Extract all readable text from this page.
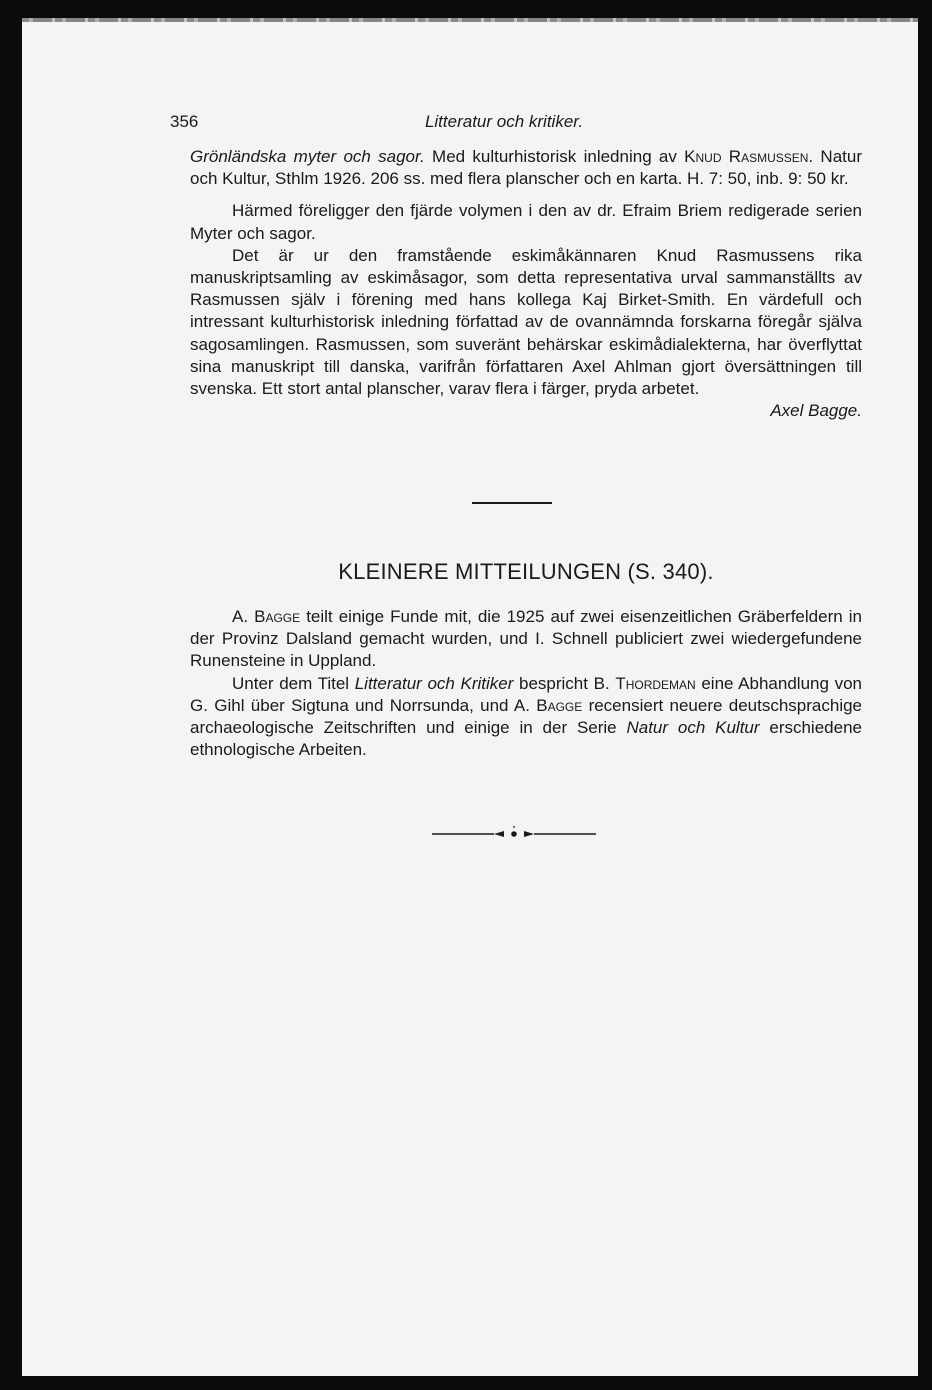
356	Litteratur och kritiker.

Grönländska myter och sagor. Med kulturhistorisk inledning av Knud Rasmussen. Natur och Kultur, Sthlm 1926. 206 ss. med flera planscher och en karta. H. 7: 50, inb. 9: 50 kr.

Härmed föreligger den fjärde volymen i den av dr. Efraim Briem redigerade serien Myter och sagor.

Det är ur den framstående eskimåkännaren Knud Rasmussens rika manuskriptsamling av eskimåsagor, som detta representativa urval sammanställts av Rasmussen själv i förening med hans kollega Kaj Birket-Smith. En värdefull och intressant kulturhistorisk inledning författad av de ovannämnda forskarna föregår själva sagosamlingen. Rasmussen, som suveränt behärskar eskimådialekterna, har överflyttat sina manuskript till danska, varifrån författaren Axel Ahlman gjort översättningen till svenska. Ett stort antal planscher, varav flera i färger, pryda arbetet.

Axel Bagge.

KLEINERE MITTEILUNGEN (S. 340).

A. Bagge teilt einige Funde mit, die 1925 auf zwei eisenzeitlichen Gräberfeldern in der Provinz Dalsland gemacht wurden, und I. Schnell publiciert zwei wiedergefundene Runensteine in Uppland.

Unter dem Titel Litteratur och Kritiker bespricht B. Thordeman eine Abhandlung von G. Gihl über Sigtuna und Norrsunda, und A. Bagge recensiert neuere deutschsprachige archaeologische Zeitschriften und einige in der Serie Natur och Kultur erschiedene ethnologische Arbeiten.
